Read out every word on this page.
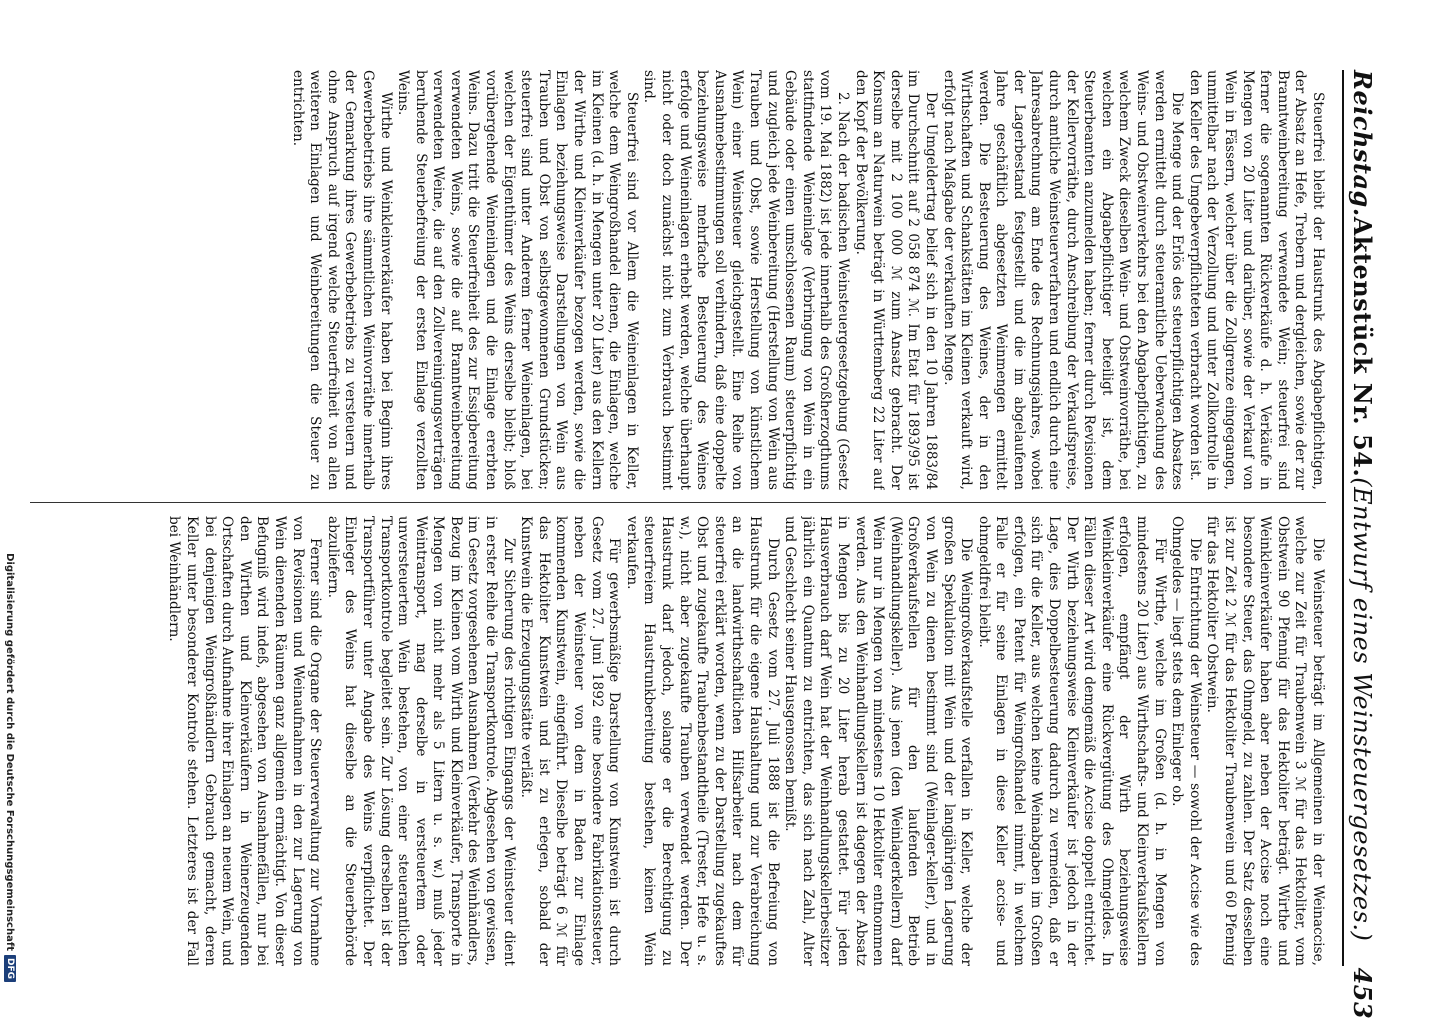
Reichstag.
Aktenstück Nr. 54.
(Entwurf eines Weinsteuergesetzes.) 453

Steuerfrei bleibt der Haustrunk des Abgabepflichtigen, der Absatz an Hefe, Trebern und dergleichen, sowie der zur Branntweinbereitung verwendete Wein; steuerfrei sind ferner die sogenannten Rückverkäufe d. h. Verkäufe in Mengen von 20 Liter und darüber, sowie der Verkauf von Wein in Fässern, welcher über die Zollgrenze eingegangen, unmittelbar nach der Verzollung und unter Zollkontrolle in den Keller des Umgebeverpflichteten verbracht worden ist.

Die Menge und der Erlös des steuerpflichtigen Absatzes werden ermittelt durch steueramtliche Ueberwachung des Weins- und Obstweinverkehrs bei den Abgabepflichtigen, zu welchem Zweck dieselben Wein- und Obstweinvorräthe, bei welchen ein Abgabepflichtiger beteiligt ist, dem Steuerbeamten anzumelden haben; ferner durch Revisionen der Kellervorräthe, durch Anschreibung der Verkaufspreise, durch amtliche Weinsteuerverfahren und endlich durch eine Jahresabrechnung am Ende des Rechnungsjahres, wobei der Lagerbestand festgestellt und die im abgelaufenen Jahre geschäftlich abgesetzten Weinmengen ermittelt werden. Die Besteuerung des Weines, der in den Wirthschaften und Schankstätten im Kleinen verkauft wird, erfolgt nach Maßgabe der verkauften Menge.

Der Umgeldertrag belief sich in den 10 Jahren 1883/84 im Durchschnitt auf 2 058 874 ℳ. Im Etat für 1893/95 ist derselbe mit 2 100 000 ℳ zum Ansatz gebracht. Der Konsum an Naturwein beträgt in Württemberg 22 Liter auf den Kopf der Bevölkerung.

2. Nach der badischen Weinsteuergesetzgebung (Gesetz vom 19. Mai 1882) ist jede innerhalb des Großherzogthums stattfindende Weineinlage (Verbringung von Wein in ein Gebäude oder einen umschlossenen Raum) steuerpflichtig und zugleich jede Weinbereitung (Herstellung von Wein aus Trauben und Obst, sowie Herstellung von künstlichem Wein) einer Weinsteuer gleichgestellt. Eine Reihe von Ausnahmebestimmungen soll verhindern, daß eine doppelte beziehungsweise mehrfache Besteuerung des Weines erfolge und Weineinlagen erhebt werden, welche überhaupt nicht oder doch zunächst nicht zum Verbrauch bestimmt sind.

Steuerfrei sind vor Allem die Weineinlagen in Keller, welche dem Weingroßhandel dienen, die Einlagen, welche im Kleinen (d. h. in Mengen unter 20 Liter) aus den Kellern der Wirthe und Kleinverkäufer bezogen werden, sowie die Einlagen beziehungsweise Darstellungen von Wein aus Trauben und Obst von selbstgewonnenen Grundstücken; steuerfrei sind unter Anderem ferner Weineinlagen, bei welchen der Eigenthümer des Weins derselbe bleibt; bloß vorübergehende Weineinlagen und die Einlage ererbten Weins. Dazu tritt die Steuerfreiheit des zur Essigbereitung verwendeten Weins, sowie die auf Branntweinbereitung verwendeten Weine, die auf den Zollvereinigungsverträgen beruhende Steuerbefreiung der ersten Einlage verzollten Weins.

Wirthe und Weinkleinverkäufer haben bei Beginn ihres Gewerbebetriebs ihre sämmtlichen Weinvorräthe innerhalb der Gemarkung ihres Gewerbebetriebs zu versteuern und ohne Anspruch auf irgend welche Steuerfreiheit von allen weiteren Einlagen und Weinbereitungen die Steuer zu entrichten.

Die Weinsteuer beträgt im Allgemeinen in der Weinaccise, welche zur Zeit für Traubenwein 3 ℳ für das Hektoliter, vom Obstwein 90 Pfennig für das Hektoliter beträgt. Wirthe und Weinkleinverkäufer haben aber neben der Accise noch eine besondere Steuer, das Ohmgeld, zu zahlen. Der Satz desselben ist zur Zeit 2 ℳ für das Hektoliter Traubenwein und 60 Pfennig für das Hektoliter Obstwein.

Die Entrichtung der Weinsteuer — sowohl der Accise wie des Ohmgeldes — liegt stets dem Einleger ob.

Für Wirthe, welche im Großen (d. h. in Mengen von mindestens 20 Liter) aus Wirthschafts- und Kleinverkaufskellern erfolgen, empfängt der Wirth beziehungsweise Weinkleinverkäufer eine Rückvergütung des Ohmgeldes. In Fällen dieser Art wird demgemäß die Accise doppelt entrichtet. Der Wirth beziehungsweise Kleinverkäufer ist jedoch in der Lage, dies Doppelbesteuerung dadurch zu vermeiden, daß er sich für die Keller, aus welchen keine Weinabgaben im Großen erfolgen, ein Patent für Weingroßhandel nimmt, in welchem Falle er für seine Einlagen in diese Keller accise- und ohmgeldfrei bleibt.

Die Weingroßverkaufstelle verfallen in Keller, welche der großen Spekulation mit Wein und der langjährigen Lagerung von Wein zu dienen bestimmt sind (Weinlager-keller), und in Großverkaufstellen für den laufenden Betrieb (Weinhandlungskeller). Aus jenen (den Weinlagerkellern) darf Wein nur in Mengen von mindestens 10 Hektoliter entnommen werden. Aus den Weinhandlungskellern ist dagegen der Absatz in Mengen bis zu 20 Liter herab gestattet. Für jeden Hausverbrauch darf Wein hat der Weinhandlungskellerbesitzer jährlich ein Quantum zu entrichten, das sich nach Zahl, Alter und Geschlecht seiner Hausgenossen bemißt.

Durch Gesetz vom 27. Juli 1888 ist die Befreiung von Haustrunk für die eigene Haushaltung und zur Verabreichung an die landwirthschaftlichen Hilfsarbeiter nach dem für steuerfrei erklärt worden, wenn zu der Darstellung zugekauftes Obst und zugekaufte Traubenbestandtheile (Trester, Hefe u. s. w.), nicht aber zugekaufte Trauben verwendet werden. Der Haustrunk darf jedoch, solange er die Berechtigung zu steuerfreiem Haustrunkbereitung bestehen, keinen Wein verkaufen.

Für gewerbsmäßige Darstellung von Kunstwein ist durch Gesetz vom 27. Juni 1892 eine besondere Fabrikationssteuer, neben der Weinsteuer von dem in Baden zur Einlage kommenden Kunstwein, eingeführt. Dieselbe beträgt 6 ℳ für das Hektoliter Kunstwein und ist zu erlegen, sobald der Kunstwein die Erzeugungsstätte verläßt.

Zur Sicherung des richtigen Eingangs der Weinsteuer dient in erster Reihe die Transportkontrole. Abgesehen von gewissen, im Gesetz vorgesehenen Ausnahmen (Verkehr des Weinhändlers, Bezug im Kleinen vom Wirth und Kleinverkäufer, Transporte in Mengen von nicht mehr als 5 Litern u. s. w.) muß jeder Weintransport, mag derselbe in versteuertem oder unversteuertem Wein bestehen, von einer steueramtlichen Transportkontrole begleitet sein. Zur Lösung derselben ist der Transportführer unter Angabe des Weins verpflichtet. Der Einleger des Weins hat dieselbe an die Steuerbehörde abzuliefern.

Ferner sind die Organe der Steuerverwaltung zur Vornahme von Revisionen und Weinaufnahmen in den zur Lagerung von Wein dienenden Räumen ganz allgemein ermächtigt. Von dieser Befugniß wird indeß, abgesehen von Ausnahmefällen, nur bei den Wirthen und Kleinverkäufern in Weinerzeugenden Ortschaften durch Aufnahme ihrer Einlagen an neuem Wein, und bei denjenigen Weingroßhändlern Gebrauch gemacht, deren Keller unter besonderer Kontrole stehen. Letzteres ist der Fall bei Weinhändlern.

Digitalisierung gefördert durch die Deutsche Forschungsgemeinschaft
DFG
